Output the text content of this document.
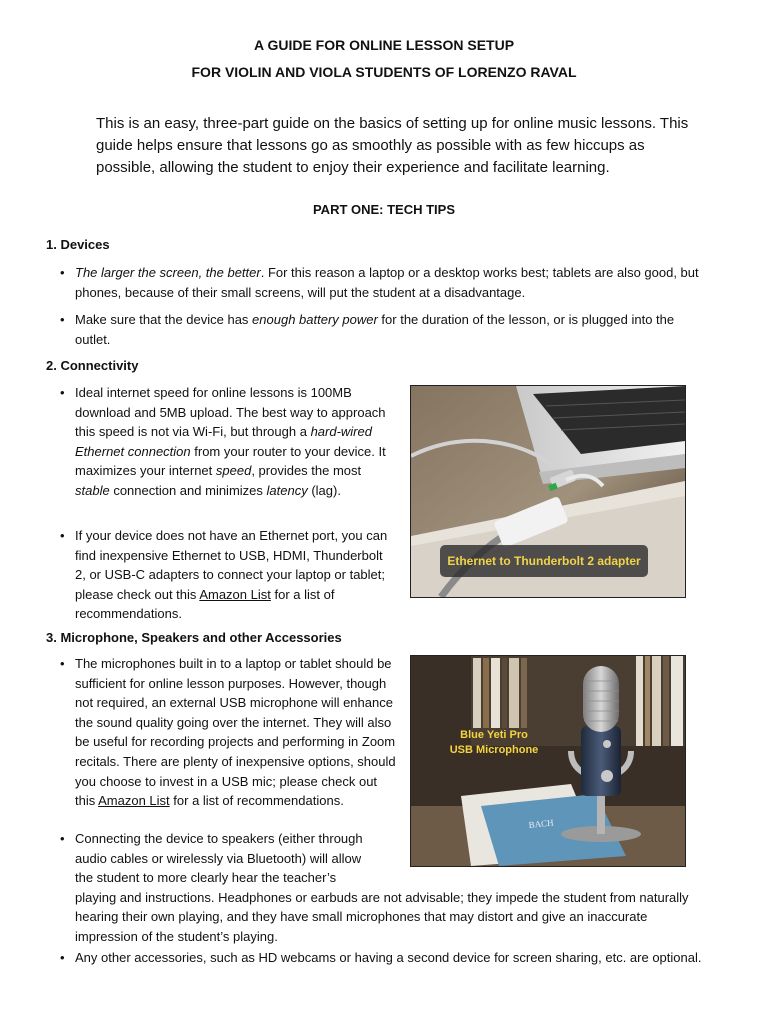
A GUIDE FOR ONLINE LESSON SETUP
FOR VIOLIN AND VIOLA STUDENTS OF LORENZO RAVAL
This is an easy, three-part guide on the basics of setting up for online music lessons. This guide helps ensure that lessons go as smoothly as possible with as few hiccups as possible, allowing the student to enjoy their experience and facilitate learning.
PART ONE: TECH TIPS
1. Devices
• The larger the screen, the better. For this reason a laptop or a desktop works best; tablets are also good, but phones, because of their small screens, will put the student at a disadvantage.
• Make sure that the device has enough battery power for the duration of the lesson, or is plugged into the outlet.
2. Connectivity
• Ideal internet speed for online lessons is 100MB download and 5MB upload. The best way to approach this speed is not via Wi-Fi, but through a hard-wired Ethernet connection from your router to your device. It maximizes your internet speed, provides the most stable connection and minimizes latency (lag).
• If your device does not have an Ethernet port, you can find inexpensive Ethernet to USB, HDMI, Thunderbolt 2, or USB-C adapters to connect your laptop or tablet; please check out this Amazon List for a list of recommendations.
Ethernet to Thunderbolt 2 adapter
3. Microphone, Speakers and other Accessories
• The microphones built in to a laptop or tablet should be sufficient for online lesson purposes. However, though not required, an external USB microphone will enhance the sound quality going over the internet. They will also be useful for recording projects and performing in Zoom recitals. There are plenty of inexpensive options, should you choose to invest in a USB mic; please check out this Amazon List for a list of recommendations.
• Connecting the device to speakers (either through
audio cables or wirelessly via Bluetooth) will allow
the student to more clearly hear the teacher’s
playing and instructions. Headphones or earbuds are not advisable; they impede the student from naturally hearing their own playing, and they have small microphones that may distort and give an inaccurate impression of the student’s playing.
• Any other accessories, such as HD webcams or having a second device for screen sharing, etc. are optional.
BACH
Blue Yeti Pro
USB Microphone
